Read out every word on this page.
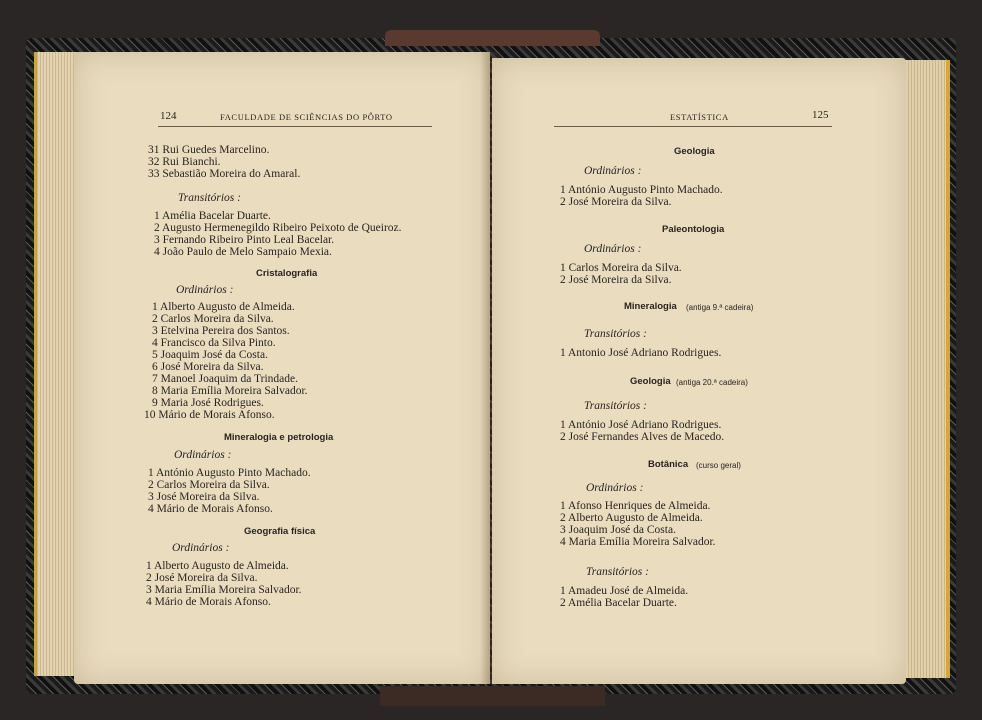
124	FACULDADE DE SCIÊNCIAS DO PÔRTO
31 Rui Guedes Marcelino.
32 Rui Bianchi.
33 Sebastião Moreira do Amaral.
Transitórios :
1 Amélia Bacelar Duarte.
2 Augusto Hermenegildo Ribeiro Peixoto de Queiroz.
3 Fernando Ribeiro Pinto Leal Bacelar.
4 João Paulo de Melo Sampaio Mexia.
Cristalografia
Ordinários :
1 Alberto Augusto de Almeida.
2 Carlos Moreira da Silva.
3 Etelvina Pereira dos Santos.
4 Francisco da Silva Pinto.
5 Joaquim José da Costa.
6 José Moreira da Silva.
7 Manoel Joaquim da Trindade.
8 Maria Emília Moreira Salvador.
9 Maria José Rodrigues.
10 Mário de Morais Afonso.
Mineralogia e petrologia
Ordinários :
1 António Augusto Pinto Machado.
2 Carlos Moreira da Silva.
3 José Moreira da Silva.
4 Mário de Morais Afonso.
Geografia física
Ordinários :
1 Alberto Augusto de Almeida.
2 José Moreira da Silva.
3 Maria Emília Moreira Salvador.
4 Mário de Morais Afonso.
ESTATÍSTICA	125
Geologia
Ordinários :
1 António Augusto Pinto Machado.
2 José Moreira da Silva.
Paleontologia
Ordinários :
1 Carlos Moreira da Silva.
2 José Moreira da Silva.
Mineralogia (antiga 9.ª cadeira)
Transitórios :
1 Antonio José Adriano Rodrigues.
Geologia (antiga 20.ª cadeira)
Transitórios :
1 António José Adriano Rodrigues.
2 José Fernandes Alves de Macedo.
Botânica (curso geral)
Ordinários :
1 Afonso Henriques de Almeida.
2 Alberto Augusto de Almeida.
3 Joaquim José da Costa.
4 Maria Emília Moreira Salvador.
Transitórios :
1 Amadeu José de Almeida.
2 Amélia Bacelar Duarte.
